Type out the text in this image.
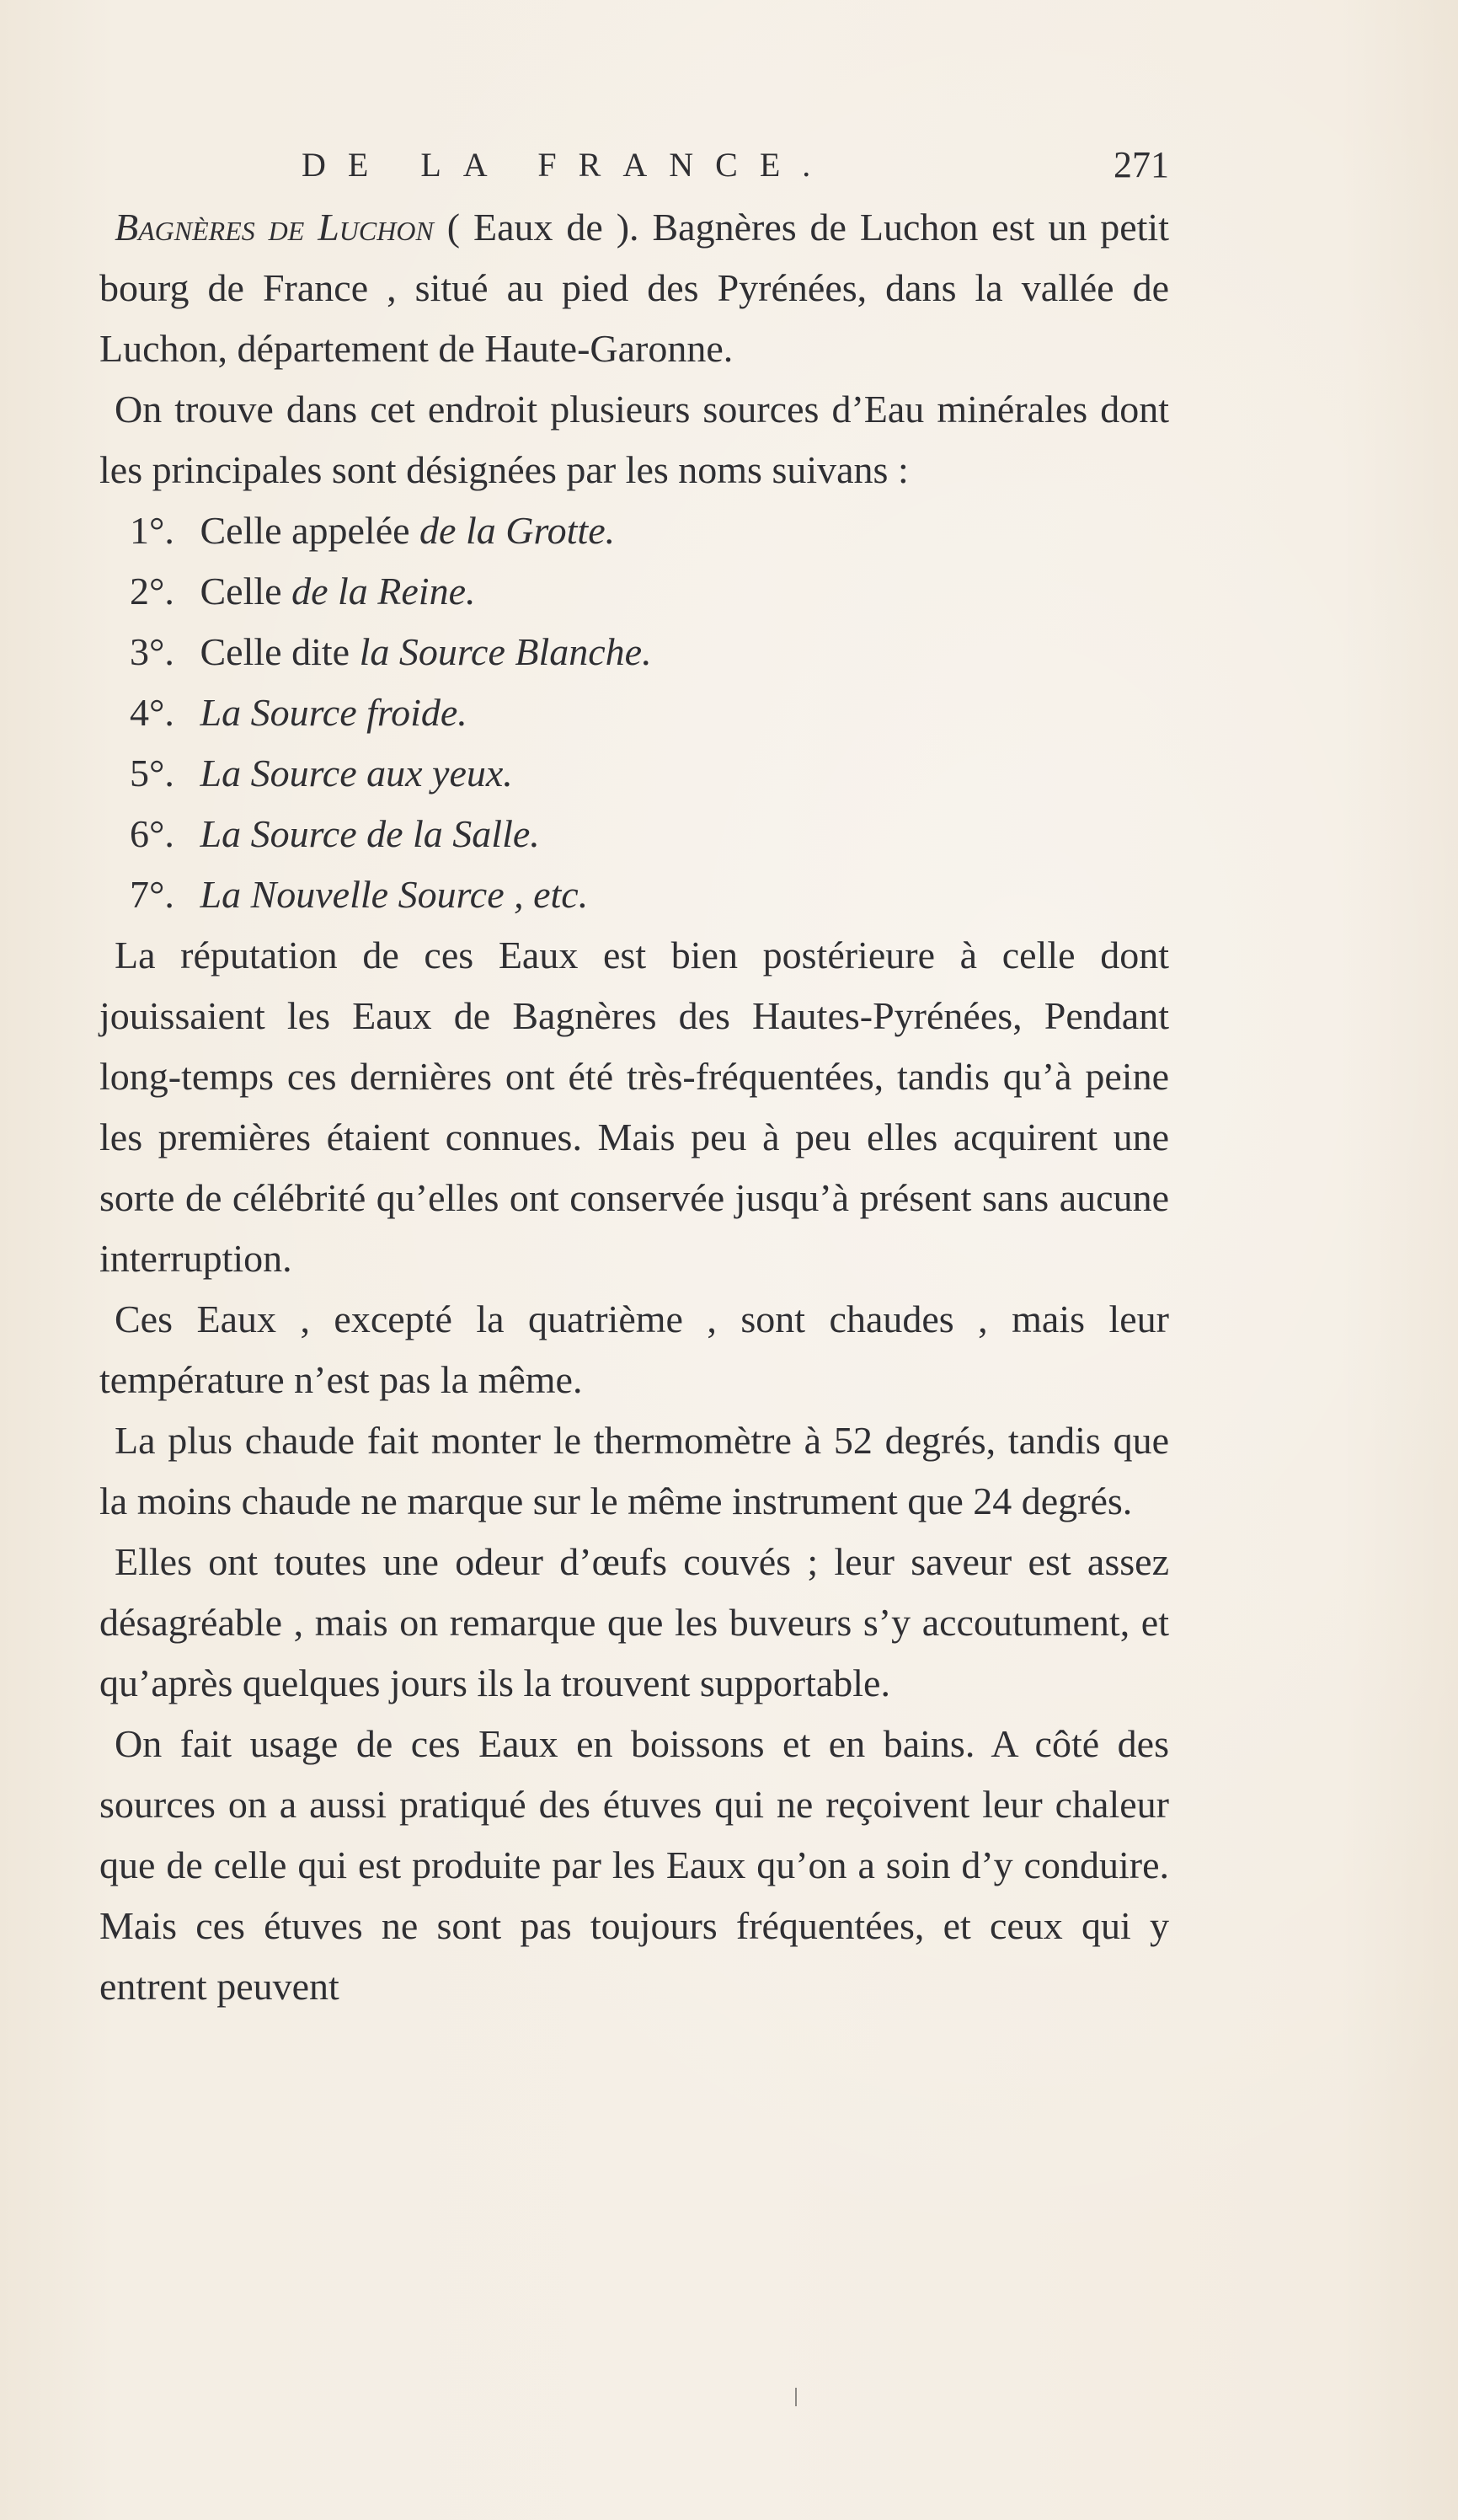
DE LA FRANCE.	271

Bagnères de Luchon ( Eaux de ). Bagnères de Luchon est un petit bourg de France , situé au pied des Pyrénées, dans la vallée de Luchon, département de Haute-Garonne.

On trouve dans cet endroit plusieurs sources d’Eau minérales dont les principales sont désignées par les noms suivans :

1°. Celle appelée de la Grotte.

2°. Celle de la Reine.

3°. Celle dite la Source Blanche.

4°. La Source froide.

5°. La Source aux yeux.

6°. La Source de la Salle.

7°. La Nouvelle Source , etc.

La réputation de ces Eaux est bien postérieure à celle dont jouissaient les Eaux de Bagnères des Hautes-Pyrénées, Pendant long-temps ces dernières ont été très-fréquentées, tandis qu’à peine les premières étaient connues. Mais peu à peu elles acquirent une sorte de célébrité qu’elles ont conservée jusqu’à présent sans aucune interruption.

Ces Eaux , excepté la quatrième , sont chaudes , mais leur température n’est pas la même.

La plus chaude fait monter le thermomètre à 52 degrés, tandis que la moins chaude ne marque sur le même instrument que 24 degrés.

Elles ont toutes une odeur d’œufs couvés ; leur saveur est assez désagréable , mais on remarque que les buveurs s’y accoutument, et qu’après quelques jours ils la trouvent supportable.

On fait usage de ces Eaux en boissons et en bains. A côté des sources on a aussi pratiqué des étuves qui ne reçoivent leur chaleur que de celle qui est produite par les Eaux qu’on a soin d’y conduire. Mais ces étuves ne sont pas toujours fréquentées, et ceux qui y entrent peuvent
